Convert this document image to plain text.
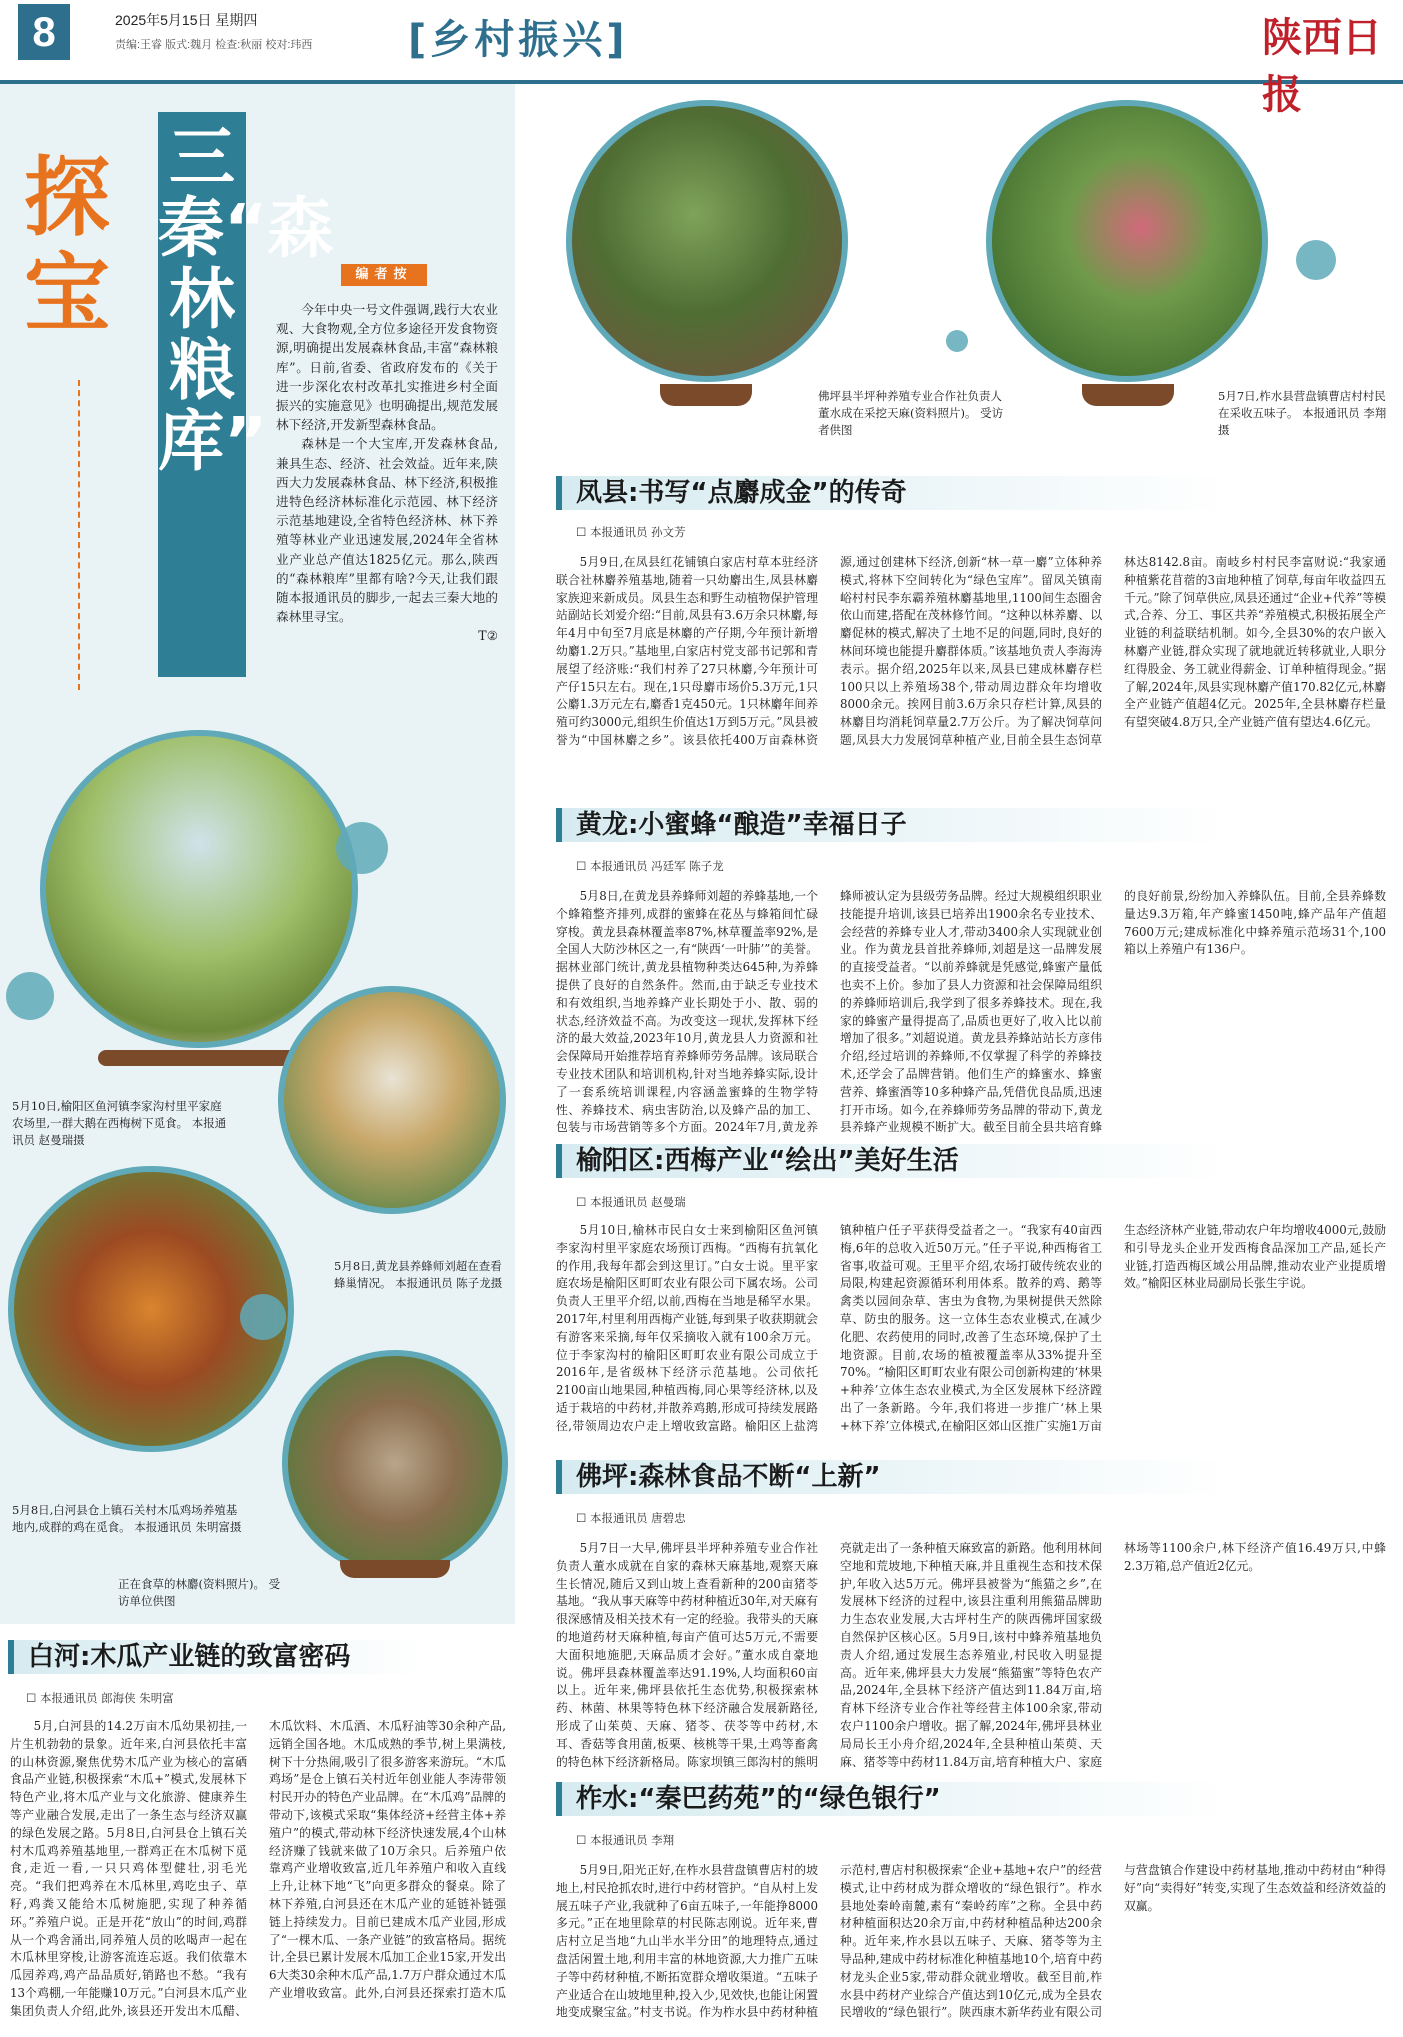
8	2025年5月15日 星期四
责编:王睿 版式:魏月 检查:秋丽 校对:玮西 [乡村振兴]	陕西日报
探宝
三秦“森林粮库”
编者按
今年中央一号文件强调,践行大农业观、大食物观,全方位多途径开发食物资源,明确提出发展森林食品,丰富“森林粮库”。日前,省委、省政府发布的《关于进一步深化农村改革扎实推进乡村全面振兴的实施意见》也明确提出,规范发展林下经济,开发新型森林食品。
森林是一个大宝库,开发森林食品,兼具生态、经济、社会效益。近年来,陕西大力发展森林食品、林下经济,积极推进特色经济林标准化示范园、林下经济示范基地建设,全省特色经济林、林下养殖等林业产业迅速发展,2024年全省林业产业总产值达1825亿元。那么,陕西的“森林粮库”里都有啥?今天,让我们跟随本报通讯员的脚步,一起去三秦大地的森林里寻宝。
T②
佛坪县半坪种养殖专业合作社负责人董水成在采挖天麻(资料照片)。 受访者供图
5月7日,柞水县营盘镇曹店村村民在采收五味子。 本报通讯员 李翔摄
5月10日,榆阳区鱼河镇李家沟村里平家庭农场里,一群大鹅在西梅树下觅食。 本报通讯员 赵曼瑞摄
5月8日,黄龙县养蜂师刘超在查看蜂巢情况。 本报通讯员 陈子龙摄
5月8日,白河县仓上镇石关村木瓜鸡场养殖基地内,成群的鸡在觅食。 本报通讯员 朱明富摄
正在食草的林麝(资料照片)。 受访单位供图
凤县:书写“点麝成金”的传奇
☐ 本报通讯员 孙文芳
5月9日,在凤县红花铺镇白家店村草本驻经济联合社林麝养殖基地,随着一只幼麝出生,凤县林麝家族迎来新成员。凤县生态和野生动植物保护管理站副站长刘爱介绍:“目前,凤县有3.6万余只林麝,每年4月中旬至7月底是林麝的产仔期,今年预计新增幼麝1.2万只。”基地里,白家店村党支部书记郭和青展望了经济账:“我们村养了27只林麝,今年预计可产仔15只左右。现在,1只母麝市场价5.3万元,1只公麝1.3万元左右,麝香1克450元。1只林麝年间养殖可约3000元,组织生价值达1万到5万元。”凤县被誉为“中国林麝之乡”。该县依托400万亩森林资源,通过创建林下经济,创新“林一草一麝”立体种养模式,将林下空间转化为“绿色宝库”。留凤关镇南峪村村民李东霸养殖林麝基地里,1100间生态圈舍依山而建,搭配在茂林修竹间。“这种以林养麝、以麝促林的模式,解决了土地不足的问题,同时,良好的林间环境也能提升麝群体质。”该基地负责人李海涛表示。据介绍,2025年以来,凤县已建成林麝存栏100只以上养殖场38个,带动周边群众年均增收8000余元。挨网目前3.6万余只存栏计算,凤县的林麝目均消耗饲草量2.7万公斤。为了解决饲草问题,凤县大力发展饲草种植产业,目前全县生态饲草林达8142.8亩。南岐乡村村民李富财说:“我家通种植紫花苜蓿的3亩地种植了饲草,每亩年收益四五千元。”除了饲草供应,凤县还通过“企业+代养”等模式,合养、分工、事区共养“养殖模式,积极拓展全产业链的利益联结机制。如今,全县30%的农户嵌入林麝产业链,群众实现了就地就近转移就业,人职分红得股金、务工就业得薪金、订单种植得现金。”据了解,2024年,凤县实现林麝产值170.82亿元,林麝全产业链产值超4亿元。2025年,全县林麝存栏量有望突破4.8万只,全产业链产值有望达4.6亿元。
黄龙:小蜜蜂“酿造”幸福日子
☐ 本报通讯员 冯廷军 陈子龙
5月8日,在黄龙县养蜂师刘超的养蜂基地,一个个蜂箱整齐排列,成群的蜜蜂在花丛与蜂箱间忙碌穿梭。黄龙县森林覆盖率87%,林草覆盖率92%,是全国人大防沙林区之一,有“陕西‘一叶肺’”的美誉。据林业部门统计,黄龙县植物种类达645种,为养蜂提供了良好的自然条件。然而,由于缺乏专业技术和有效组织,当地养蜂产业长期处于小、散、弱的状态,经济效益不高。为改变这一现状,发挥林下经济的最大效益,2023年10月,黄龙县人力资源和社会保障局开始推荐培育养蜂师劳务品牌。该局联合专业技术团队和培训机构,针对当地养蜂实际,设计了一套系统培训课程,内容涵盖蜜蜂的生物学特性、养蜂技术、病虫害防治,以及蜂产品的加工、包装与市场营销等多个方面。2024年7月,黄龙养蜂师被认定为县级劳务品牌。经过大规模组织职业技能提升培训,该县已培养出1900余名专业技术、会经营的养蜂专业人才,带动3400余人实现就业创业。作为黄龙县首批养蜂师,刘超是这一品牌发展的直接受益者。“以前养蜂就是凭感觉,蜂蜜产量低也卖不上价。参加了县人力资源和社会保障局组织的养蜂师培训后,我学到了很多养蜂技术。现在,我家的蜂蜜产量得提高了,品质也更好了,收入比以前增加了很多。”刘超说道。黄龙县养蜂站站长方彦伟介绍,经过培训的养蜂师,不仅掌握了科学的养蜂技术,还学会了品牌营销。他们生产的蜂蜜水、蜂蜜营养、蜂蜜酒等10多种蜂产品,凭借优良品质,迅速打开市场。如今,在养蜂师劳务品牌的带动下,黄龙县养蜂产业规模不断扩大。截至目前全县共培育蜂的良好前景,纷纷加入养蜂队伍。目前,全县养蜂数量达9.3万箱,年产蜂蜜1450吨,蜂产品年产值超7600万元;建成标准化中蜂养殖示范场31个,100箱以上养殖户有136户。
榆阳区:西梅产业“绘出”美好生活
☐ 本报通讯员 赵曼瑞
5月10日,榆林市民白女士来到榆阳区鱼河镇李家沟村里平家庭农场预订西梅。“西梅有抗氧化的作用,我每年都会到这里订。”白女士说。里平家庭农场是榆阳区町町农业有限公司下属农场。公司负责人王里平介绍,以前,西梅在当地是稀罕水果。2017年,村里利用西梅产业链,每到果子收获期就会有游客来采摘,每年仅采摘收入就有100余万元。位于李家沟村的榆阳区町町农业有限公司成立于2016年,是省级林下经济示范基地。公司依托2100亩山地果园,种植西梅,同心果等经济林,以及适于栽培的中药材,并散养鸡鹅,形成可持续发展路径,带领周边农户走上增收致富路。榆阳区上盐湾镇种植户任子平获得受益者之一。“我家有40亩西梅,6年的总收入近50万元。”任子平说,种西梅省工省事,收益可观。王里平介绍,农场打破传统农业的局限,构建起资源循环利用体系。散养的鸡、鹅等禽类以园间杂草、害虫为食物,为果树提供天然除草、防虫的服务。这一立体生态农业模式,在减少化肥、农药使用的同时,改善了生态环境,保护了土地资源。目前,农场的植被覆盖率从33%提升至70%。“榆阳区町町农业有限公司创新构建的‘林果+种养’立体生态农业模式,为全区发展林下经济蹚出了一条新路。今年,我们将进一步推广‘林上果+林下养’立体模式,在榆阳区郊山区推广实施1万亩生态经济林产业链,带动农户年均增收4000元,鼓励和引导龙头企业开发西梅食品深加工产品,延长产业链,打造西梅区域公用品牌,推动农业产业提质增效。”榆阳区林业局副局长张生宇说。
佛坪:森林食品不断“上新”
☐ 本报通讯员 唐碧忠
5月7日一大早,佛坪县半坪种养殖专业合作社负责人董水成就在自家的森林天麻基地,观察天麻生长情况,随后又到山坡上查看新种的200亩猪苓基地。“我从事天麻等中药材种植近30年,对天麻有很深感情及相关技术有一定的经验。我带头的天麻的地道药材天麻种植,每亩产值可达5万元,不需要大面积地施肥,天麻品质才会好。”董水成自豪地说。佛坪县森林覆盖率达91.19%,人均面积60亩以上。近年来,佛坪县依托生态优势,积极探索林药、林菌、林果等特色林下经济融合发展新路径,形成了山茱萸、天麻、猪苓、茯苓等中药材,木耳、香菇等食用菌,板栗、核桃等干果,土鸡等畜禽的特色林下经济新格局。陈家坝镇三郎沟村的熊明亮就走出了一条种植天麻致富的新路。他利用林间空地和荒坡地,下种植天麻,并且重视生态和技术保护,年收入达5万元。佛坪县被誉为“熊猫之乡”,在发展林下经济的过程中,该县注重利用熊猫品牌助力生态农业发展,大古坪村生产的陕西佛坪国家级自然保护区核心区。5月9日,该村中蜂养殖基地负责人介绍,通过发展生态养殖业,村民收入明显提高。近年来,佛坪县大力发展“熊猫蜜”等特色农产品,2024年,全县林下经济产值达到11.84万亩,培育林下经济专业合作社等经营主体100余家,带动农户1100余户增收。据了解,2024年,佛坪县林业局局长王小舟介绍,2024年,全县种植山茱萸、天麻、猪苓等中药材11.84万亩,培育种植大户、家庭林场等1100余户,林下经济产值16.49万只,中蜂2.3万箱,总产值近2亿元。
白河:木瓜产业链的致富密码
☐ 本报通讯员 郎海侠 朱明富
5月,白河县的14.2万亩木瓜幼果初挂,一片生机勃勃的景象。近年来,白河县依托丰富的山林资源,聚焦优势木瓜产业为核心的富硒食品产业链,积极探索“木瓜+”模式,发展林下特色产业,将木瓜产业与文化旅游、健康养生等产业融合发展,走出了一条生态与经济双赢的绿色发展之路。5月8日,白河县仓上镇石关村木瓜鸡养殖基地里,一群鸡正在木瓜树下觅食,走近一看,一只只鸡体型健壮,羽毛光亮。“我们把鸡养在木瓜林里,鸡吃虫子、草籽,鸡粪又能给木瓜树施肥,实现了种养循环。”养殖户说。正是开花“放山”的时间,鸡群从一个鸡舍涌出,同养殖人员的吆喝声一起在木瓜林里穿梭,让游客流连忘返。我们依靠木瓜园养鸡,鸡产品品质好,销路也不愁。“我有13个鸡棚,一年能赚10万元。”白河县木瓜产业集团负责人介绍,此外,该县还开发出木瓜醋、木瓜饮料、木瓜酒、木瓜籽油等30余种产品,远销全国各地。木瓜成熟的季节,树上果满枝,树下十分热闹,吸引了很多游客来游玩。“木瓜鸡场”是仓上镇石关村近年创业能人李涛带领村民开办的特色产业品牌。在“木瓜鸡”品牌的带动下,该模式采取“集体经济+经营主体+养殖户”的模式,带动林下经济快速发展,4个山林经济赚了钱就来做了10万余只。后养殖户依靠鸡产业增收致富,近几年养殖户和收入直线上升,让林下地“飞”向更多群众的餐桌。除了林下养殖,白河县还在木瓜产业的延链补链强链上持续发力。目前已建成木瓜产业园,形成了“一棵木瓜、一条产业链”的致富格局。据统计,全县已累计发展木瓜加工企业15家,开发出6大类30余种木瓜产品,1.7万户群众通过木瓜产业增收致富。此外,白河县还探索打造木瓜
柞水:“秦巴药苑”的“绿色银行”
☐ 本报通讯员 李翔
5月9日,阳光正好,在柞水县营盘镇曹店村的坡地上,村民抢抓农时,进行中药材管护。“自从村上发展五味子产业,我就种了6亩五味子,一年能挣8000多元。”正在地里除草的村民陈志刚说。近年来,曹店村立足当地“九山半水半分田”的地理特点,通过盘活闲置土地,利用丰富的林地资源,大力推广五味子等中药材种植,不断拓宽群众增收渠道。“五味子产业适合在山坡地里种,投入少,见效快,也能让闲置地变成聚宝盆。”村支书说。作为柞水县中药材种植示范村,曹店村积极探索“企业+基地+农户”的经营模式,让中药材成为群众增收的“绿色银行”。柞水县地处秦岭南麓,素有“秦岭药库”之称。全县中药材种植面积达20余万亩,中药材种植品种达200余种。近年来,柞水县以五味子、天麻、猪苓等为主导品种,建成中药材标准化种植基地10个,培育中药材龙头企业5家,带动群众就业增收。截至目前,柞水县中药材产业综合产值达到10亿元,成为全县农民增收的“绿色银行”。陕西康木新华药业有限公司与营盘镇合作建设中药材基地,推动中药材由“种得好”向“卖得好”转变,实现了生态效益和经济效益的双赢。
